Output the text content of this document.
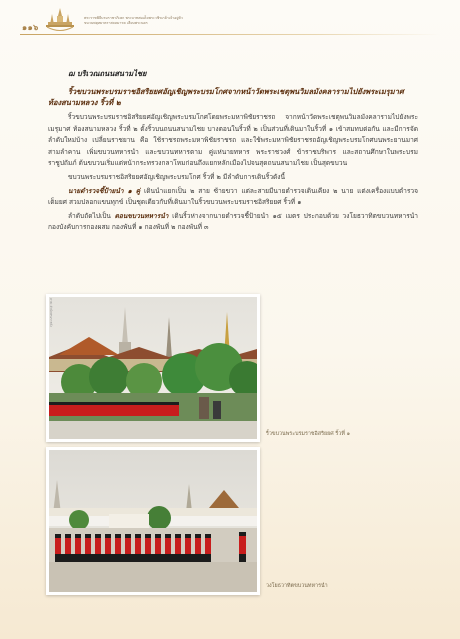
๑๑๖
พระราชพิธีบรมราชาภิเษก พระบาทสมเด็จพระวชิรเกล้าเจ้าอยู่หัว
ขบวนพยุหยาตราสถลมารค เลียบพระนคร
ฌ บริเวณถนนสนามไชย
ริ้วขบวนพระบรมราชอิสริยยศอัญเชิญพระบรมโกศจากหน้าวัดพระเชตุพนวิมลมังคลารามไปยังพระเมรุมาศ ท้องสนามหลวง ริ้วที่ ๒

ริ้วขบวนพระบรมราชอิสริยยศอัญเชิญพระบรมโกศโดยพระมหาพิชัยราชรถ จากหน้าวัดพระเชตุพนวิมลมังคลารามไปยังพระเมรุมาศ ท้องสนามหลวง ริ้วที่ ๒ ตั้งริ้วบนถนนสนามไชย บางตอนในริ้วที่ ๒ เป็นส่วนที่เดินมาในริ้วที่ ๑ เข้าสมทบต่อกัน และมีการจัดลำดับใหม่บ้าง เปลี่ยนราชยาน คือ ใช้ราชรถพระมหาพิชัยราชรถ และใช้พระมหาพิชัยราชรถอัญเชิญพระบรมโกศบนพระยานมาศสามลำคาน เพิ่มขบวนทหารนำ และขบวนทหารตาม คู่แห่นายทหาร พระราชวงศ์ ข้าราชบริพาร และสถานศึกษาในพระบรมราชูปถัมภ์ ต้นขบวนเริ่มแต่หน้ากระทรวงกลาโหมก่อนถึงแยกหลักเมืองไปจนสุดถนนสนามไชย เป็นสุดขบวน

ขบวนพระบรมราชอิสริยยศอัญเชิญพระบรมโกศ ริ้วที่ ๒ มีลำดับการเดินริ้วดังนี้

นายตำรวจชี้ป้ายนำ ๑ คู่ เดินนำแยกเป็น ๒ สาย ซ้ายขวา แต่ละสายมีนายตำรวจเดินเคียง ๒ นาย แต่งเครื่องแบบตำรวจเต็มยศ สวมปลอกแขนทุกข์ เป็นชุดเดียวกับที่เดินมาในริ้วขบวนพระบรมราชอิสริยยศ ริ้วที่ ๑

ลำดับถัดไปเป็น ตอนขบวนทหารนำ เดินริ้วห่างจากนายตำรวจชี้ป้ายนำ ๑๕ เมตร ประกอบด้วย วงโยธวาทิตขบวนทหารนำ กองบังคับการกองผสม กองพันที่ ๑ กองพันที่ ๒ กองพันที่ ๓

ภาพ: สำนักพระราชวัง
ริ้วขบวนพระบรมราชอิสริยยศ ริ้วที่ ๑
วงโยธวาทิตขบวนทหารนำ
